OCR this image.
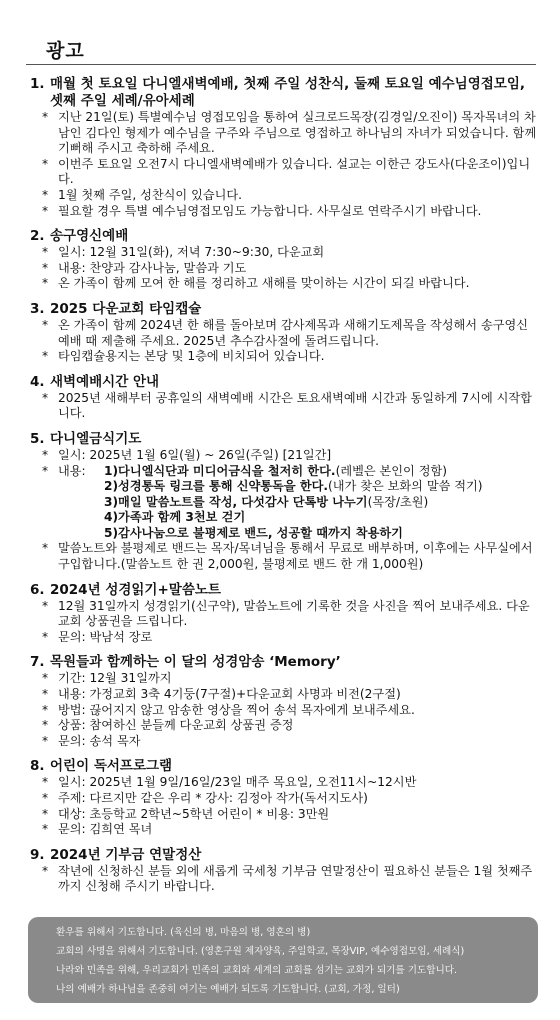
광고
1. 매월 첫 토요일 다니엘새벽예배, 첫째 주일 성찬식, 둘째 토요일 예수님영접모임, 셋째 주일 세례/유아세례
* 지난 21일(토) 특별예수님 영접모임을 통하여 실크로드목장(김경일/오진이) 목자목녀의 차남인 김다인 형제가 예수님을 구주와 주님으로 영접하고 하나님의 자녀가 되었습니다. 함께 기뻐해 주시고 축하해 주세요.
* 이번주 토요일 오전7시 다니엘새벽예배가 있습니다. 설교는 이한근 강도사(다운조이)입니다.
* 1월 첫째 주일, 성찬식이 있습니다.
* 필요할 경우 특별 예수님영접모임도 가능합니다. 사무실로 연락주시기 바랍니다.
2. 송구영신예배
* 일시: 12월 31일(화), 저녁 7:30~9:30, 다운교회
* 내용: 찬양과 감사나눔, 말씀과 기도
* 온 가족이 함께 모여 한 해를 정리하고 새해를 맞이하는 시간이 되길 바랍니다.
3. 2025 다운교회 타임캡슐
* 온 가족이 함께 2024년 한 해를 돌아보며 감사제목과 새해기도제목을 작성해서 송구영신예배 때 제출해 주세요. 2025년 추수감사절에 돌려드립니다.
* 타임캡슐용지는 본당 및 1층에 비치되어 있습니다.
4. 새벽예배시간 안내
* 2025년 새해부터 공휴일의 새벽예배 시간은 토요새벽예배 시간과 동일하게 7시에 시작합니다.
5. 다니엘금식기도
* 일시: 2025년 1월 6일(월) ~ 26일(주일) [21일간]
* 내용:	1)다니엘식단과 미디어금식을 철저히 한다.(레벨은 본인이 정함)
2)성경통독 링크를 통해 신약통독을 한다.(내가 찾은 보화의 말씀 적기)
3)매일 말씀노트를 작성, 다섯감사 단톡방 나누기(목장/초원)
4)가족과 함께 3천보 걷기
5)감사나눔으로 불평제로 밴드, 성공할 때까지 착용하기
* 말씀노트와 불평제로 밴드는 목자/목녀님을 통해서 무료로 배부하며, 이후에는 사무실에서 구입합니다.(말씀노트 한 권 2,000원, 불평제로 밴드 한 개 1,000원)
6. 2024년 성경읽기+말씀노트
* 12월 31일까지 성경읽기(신구약), 말씀노트에 기록한 것을 사진을 찍어 보내주세요. 다운교회 상품권을 드립니다.
* 문의: 박남석 장로
7. 목원들과 함께하는 이 달의 성경암송 ‘Memory’
* 기간: 12월 31일까지
* 내용: 가정교회 3축 4기둥(7구절)+다운교회 사명과 비전(2구절)
* 방법: 끊어지지 않고 암송한 영상을 찍어 송석 목자에게 보내주세요.
* 상품: 참여하신 분들께 다운교회 상품권 증정
* 문의: 송석 목자
8. 어린이 독서프로그램
* 일시: 2025년 1월 9일/16일/23일 매주 목요일, 오전11시~12시반
* 주제: 다르지만 같은 우리 * 강사: 김정아 작가(독서지도사)
* 대상: 초등학교 2학년~5학년 어린이 * 비용: 3만원
* 문의: 김희연 목녀
9. 2024년 기부금 연말정산
* 작년에 신청하신 분들 외에 새롭게 국세청 기부금 연말정산이 필요하신 분들은 1월 첫째주까지 신청해 주시기 바랍니다.
환우를 위해서 기도합니다. (육신의 병, 마음의 병, 영혼의 병)
교회의 사명을 위해서 기도합니다. (영혼구원 제자양육, 주일학교, 목장VIP, 예수영접모임, 세례식)
나라와 민족을 위해, 우리교회가 민족의 교회와 세계의 교회를 섬기는 교회가 되기를 기도합니다.
나의 예배가 하나님을 존중히 여기는 예배가 되도록 기도합니다. (교회, 가정, 일터)
